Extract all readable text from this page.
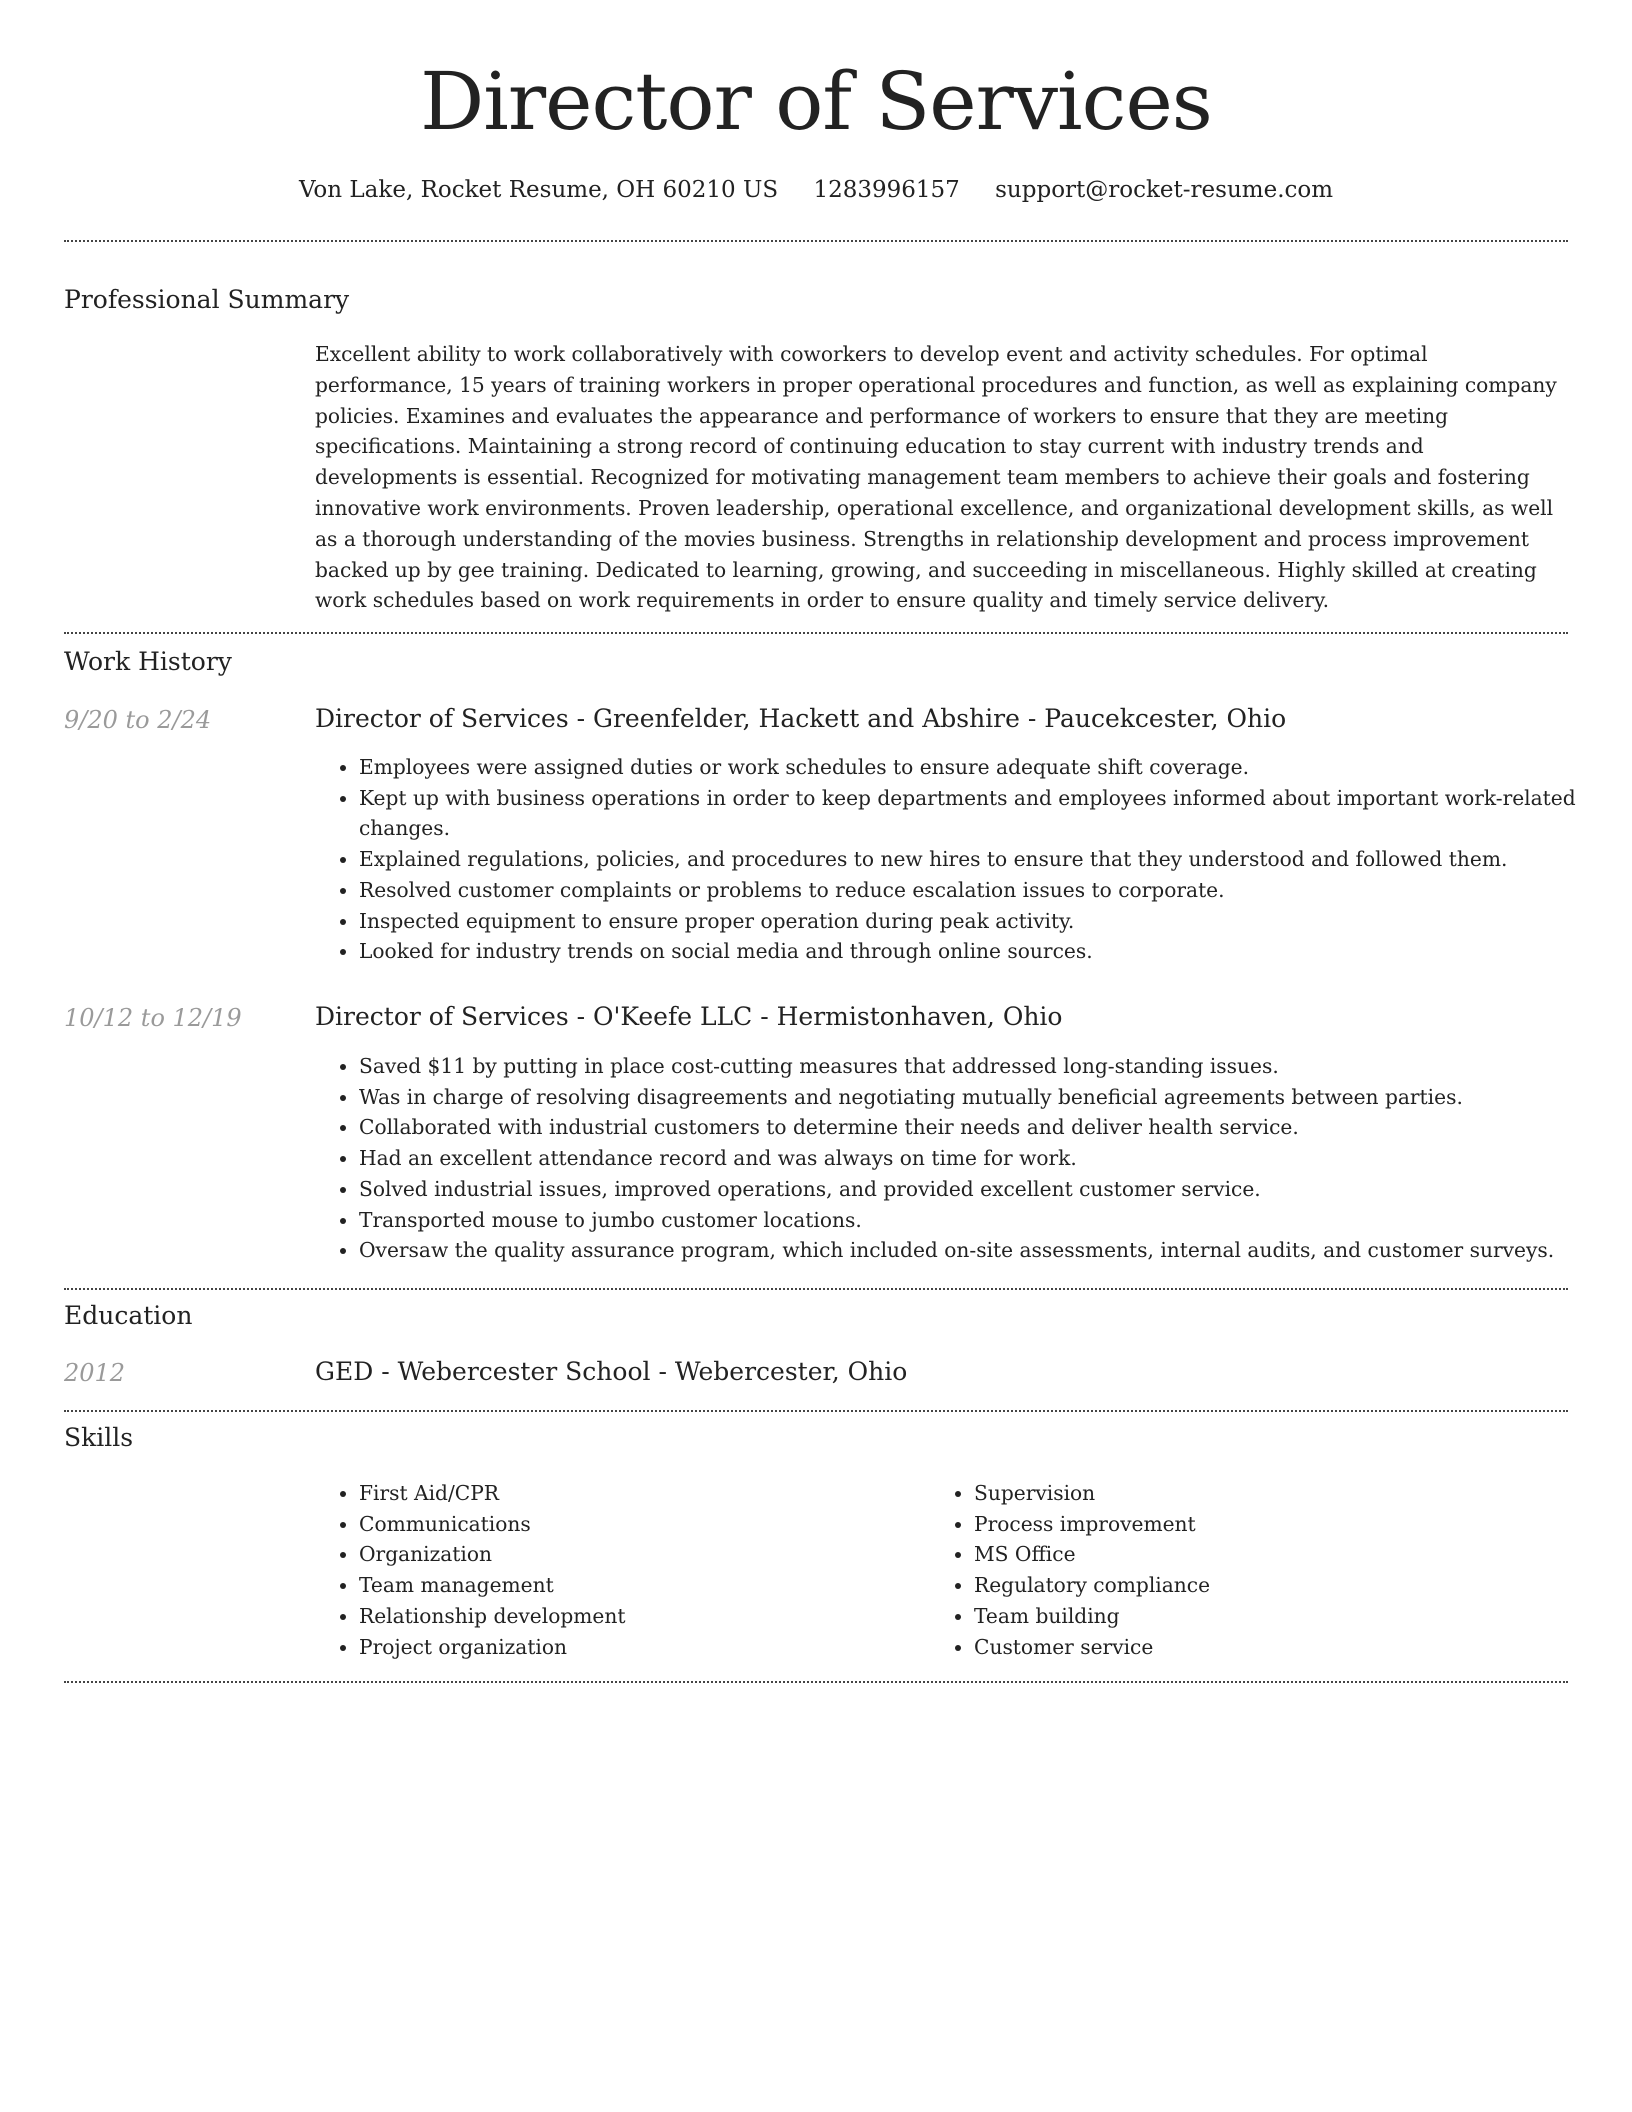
Director of Services
Von Lake, Rocket Resume, OH 60210 US 1283996157 support@rocket-resume.com
Professional Summary

Excellent ability to work collaboratively with coworkers to develop event and activity schedules. For optimal performance, 15 years of training workers in proper operational procedures and function, as well as explaining company policies. Examines and evaluates the appearance and performance of workers to ensure that they are meeting specifications. Maintaining a strong record of continuing education to stay current with industry trends and developments is essential. Recognized for motivating management team members to achieve their goals and fostering innovative work environments. Proven leadership, operational excellence, and organizational development skills, as well as a thorough understanding of the movies business. Strengths in relationship development and process improvement backed up by gee training. Dedicated to learning, growing, and succeeding in miscellaneous. Highly skilled at creating work schedules based on work requirements in order to ensure quality and timely service delivery.

Work History
9/20 to 2/24	Director of Services - Greenfelder, Hackett and Abshire - Paucekcester, Ohio
• Employees were assigned duties or work schedules to ensure adequate shift coverage.
• Kept up with business operations in order to keep departments and employees informed about important work-related changes.
• Explained regulations, policies, and procedures to new hires to ensure that they understood and followed them.
• Resolved customer complaints or problems to reduce escalation issues to corporate.
• Inspected equipment to ensure proper operation during peak activity.
• Looked for industry trends on social media and through online sources.
10/12 to 12/19	Director of Services - O'Keefe LLC - Hermistonhaven, Ohio
• Saved $11 by putting in place cost-cutting measures that addressed long-standing issues.
• Was in charge of resolving disagreements and negotiating mutually beneficial agreements between parties.
• Collaborated with industrial customers to determine their needs and deliver health service.
• Had an excellent attendance record and was always on time for work.
• Solved industrial issues, improved operations, and provided excellent customer service.
• Transported mouse to jumbo customer locations.
• Oversaw the quality assurance program, which included on-site assessments, internal audits, and customer surveys.
Education
2012	GED - Webercester School - Webercester, Ohio
Skills
• First Aid/CPR
• Communications
• Organization
• Team management
• Relationship development
• Project organization
• Supervision
• Process improvement
• MS Office
• Regulatory compliance
• Team building
• Customer service
